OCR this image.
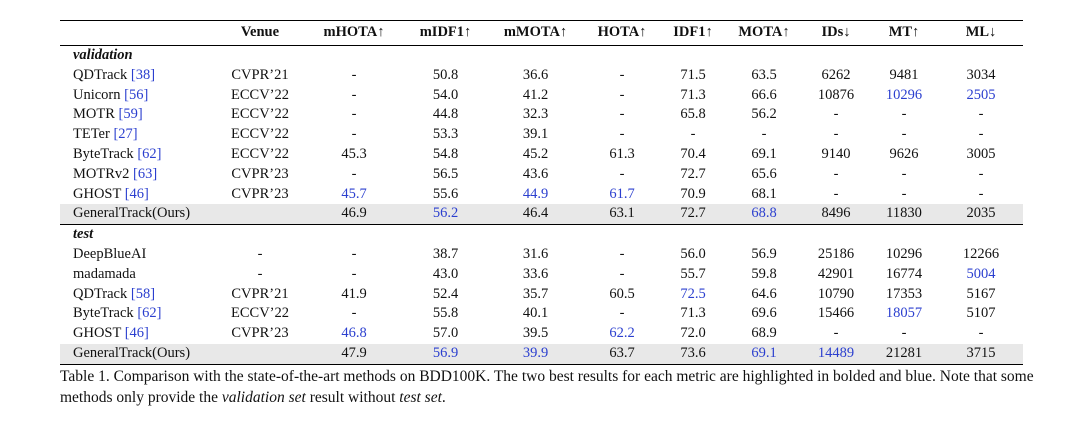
	Venue	mHOTA↑	mIDF1↑	mMOTA↑	HOTA↑	IDF1↑	MOTA↑	IDs↓	MT↑	ML↓
validation										
QDTrack [38]	CVPR’21	-	50.8	36.6	-	71.5	63.5	6262	9481	3034
Unicorn [56]	ECCV’22	-	54.0	41.2	-	71.3	66.6	10876	10296	2505
MOTR [59]	ECCV’22	-	44.8	32.3	-	65.8	56.2	-	-	-
TETer [27]	ECCV’22	-	53.3	39.1	-	-	-	-	-	-
ByteTrack [62]	ECCV’22	45.3	54.8	45.2	61.3	70.4	69.1	9140	9626	3005
MOTRv2 [63]	CVPR’23	-	56.5	43.6	-	72.7	65.6	-	-	-
GHOST [46]	CVPR’23	45.7	55.6	44.9	61.7	70.9	68.1	-	-	-
GeneralTrack(Ours)		46.9	56.2	46.4	63.1	72.7	68.8	8496	11830	2035
test										
DeepBlueAI	-	-	38.7	31.6	-	56.0	56.9	25186	10296	12266
madamada	-	-	43.0	33.6	-	55.7	59.8	42901	16774	5004
QDTrack [58]	CVPR’21	41.9	52.4	35.7	60.5	72.5	64.6	10790	17353	5167
ByteTrack [62]	ECCV’22	-	55.8	40.1	-	71.3	69.6	15466	18057	5107
GHOST [46]	CVPR’23	46.8	57.0	39.5	62.2	72.0	68.9	-	-	-
GeneralTrack(Ours)		47.9	56.9	39.9	63.7	73.6	69.1	14489	21281	3715

Table 1. Comparison with the state-of-the-art methods on BDD100K. The two best results for each metric are highlighted in bolded and blue. Note that some methods only provide the validation set result without test set.
